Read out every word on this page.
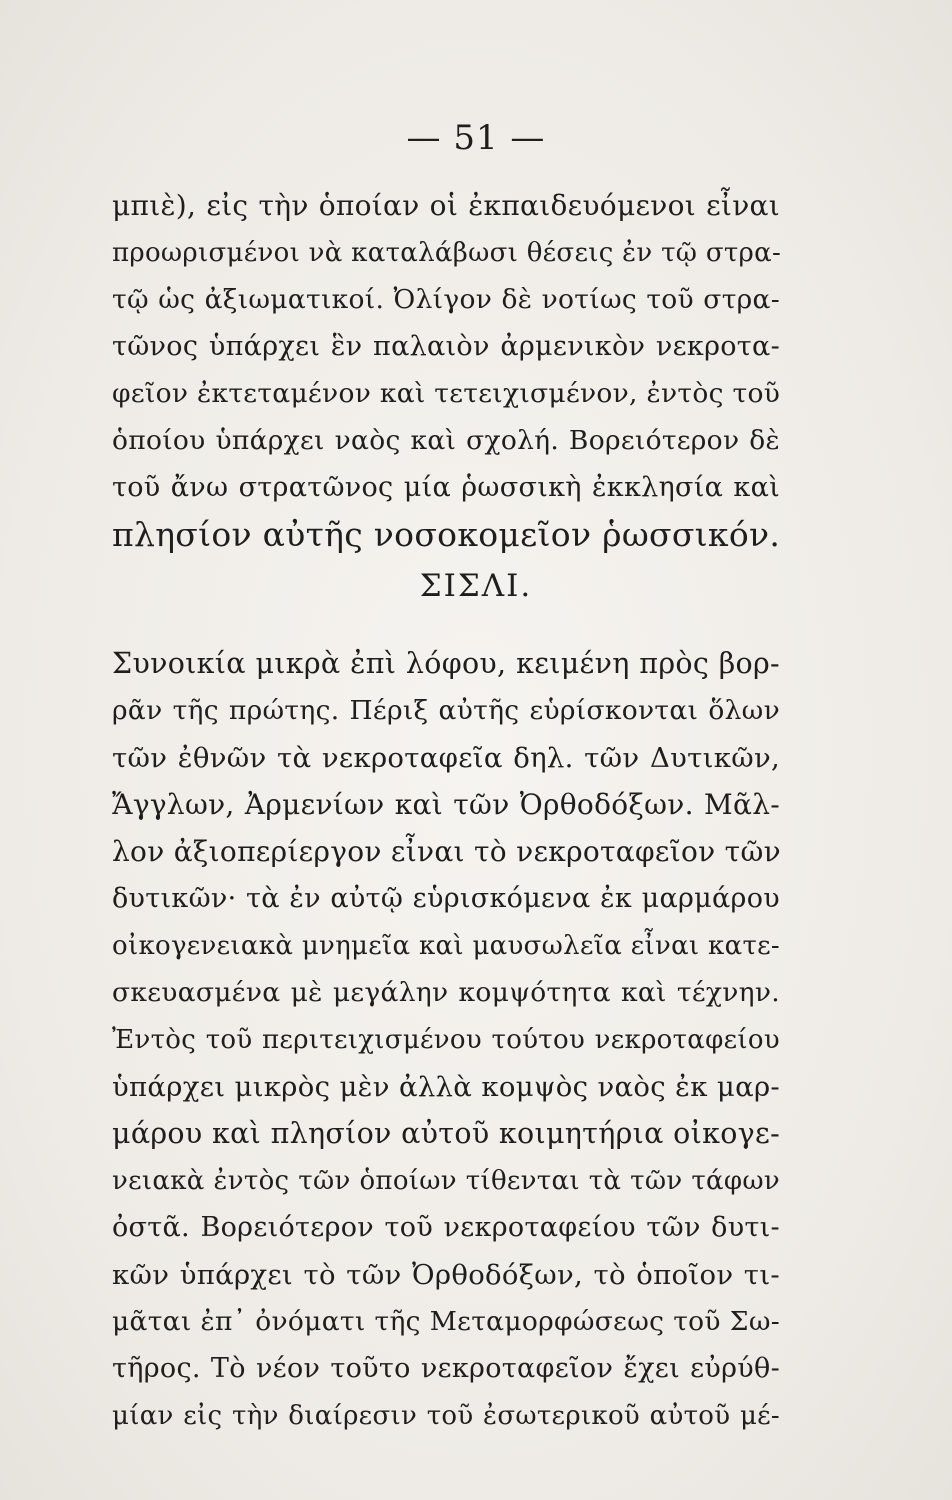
— 51 —
μπιὲ), εἰς τὴν ὁποίαν οἱ ἐκπαιδευόμενοι εἶναι
προωρισμένοι νὰ καταλάβωσι θέσεις ἐν τῷ στρα-
τῷ ὡς ἀξιωματικοί. Ὀλίγον δὲ νοτίως τοῦ στρα-
τῶνος ὑπάρχει ἓν παλαιὸν ἀρμενικὸν νεκροτα-
φεῖον ἐκτεταμένον καὶ τετειχισμένον, ἐντὸς τοῦ
ὁποίου ὑπάρχει ναὸς καὶ σχολή. Βορειότερον δὲ
τοῦ ἄνω στρατῶνος μία ῥωσσικὴ ἐκκλησία καὶ
πλησίον αὐτῆς νοσοκομεῖον ῥωσσικόν.
ΣΙΣΛΙ.
Συνοικία μικρὰ ἐπὶ λόφου, κειμένη πρὸς βορ-
ρᾶν τῆς πρώτης. Πέριξ αὐτῆς εὑρίσκονται ὅλων
τῶν ἐθνῶν τὰ νεκροταφεῖα δηλ. τῶν Δυτικῶν,
Ἄγγλων, Ἀρμενίων καὶ τῶν Ὀρθοδόξων. Μᾶλ-
λον ἀξιοπερίεργον εἶναι τὸ νεκροταφεῖον τῶν
δυτικῶν· τὰ ἐν αὐτῷ εὑρισκόμενα ἐκ μαρμάρου
οἰκογενειακὰ μνημεῖα καὶ μαυσωλεῖα εἶναι κατε-
σκευασμένα μὲ μεγάλην κομψότητα καὶ τέχνην.
Ἐντὸς τοῦ περιτειχισμένου τούτου νεκροταφείου
ὑπάρχει μικρὸς μὲν ἀλλὰ κομψὸς ναὸς ἐκ μαρ-
μάρου καὶ πλησίον αὐτοῦ κοιμητήρια οἰκογε-
νειακὰ ἐντὸς τῶν ὁποίων τίθενται τὰ τῶν τάφων
ὀστᾶ. Βορειότερον τοῦ νεκροταφείου τῶν δυτι-
κῶν ὑπάρχει τὸ τῶν Ὀρθοδόξων, τὸ ὁποῖον τι-
μᾶται ἐπ᾽ ὀνόματι τῆς Μεταμορφώσεως τοῦ Σω-
τῆρος. Τὸ νέον τοῦτο νεκροταφεῖον ἔχει εὐρύθ-
μίαν εἰς τὴν διαίρεσιν τοῦ ἐσωτερικοῦ αὐτοῦ μέ-
